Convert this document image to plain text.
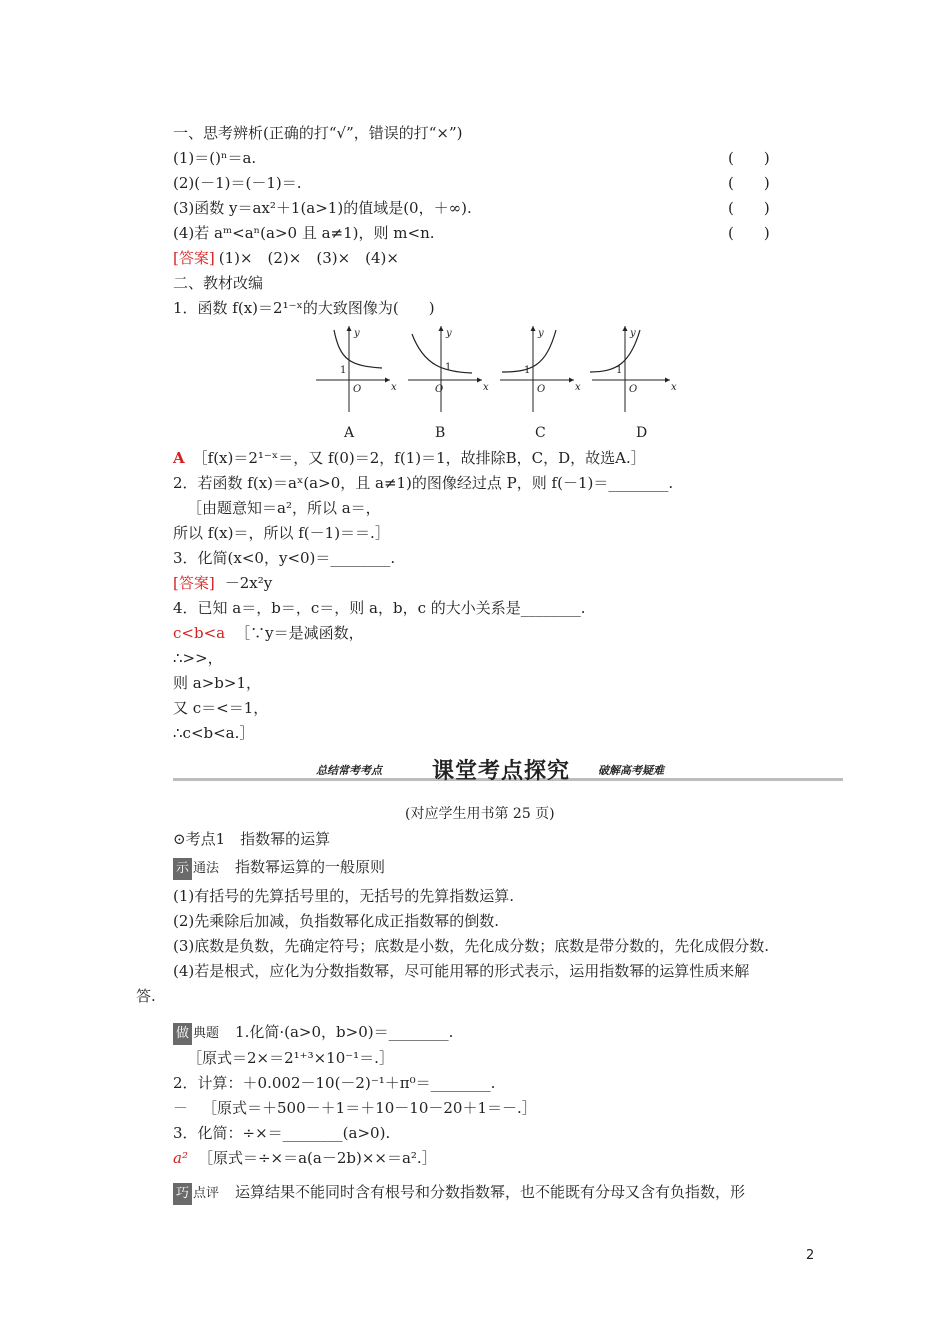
一、思考辨析(正确的打“√”，错误的打“×”)
(1)＝()ⁿ＝a.	(　　)
(2)(－1)＝(－1)＝.	(　　)
(3)函数 y＝ax²＋1(a>1)的值域是(0，＋∞).	(　　)
(4)若 aᵐ<aⁿ(a>0 且 a≠1)，则 m<n.	(　　)
[答案] (1)×　(2)×　(3)×　(4)×
二、教材改编
1．函数 f(x)＝2¹⁻ˣ的大致图像为(　　)
y
x
O
1
y
x
O
1
y
x
O
1
y
x
O
1
A	B	C	D
A ［f(x)＝2¹⁻ˣ＝，又 f(0)＝2，f(1)＝1，故排除B，C，D，故选A.］
2．若函数 f(x)＝aˣ(a>0，且 a≠1)的图像经过点 P，则 f(－1)＝________.
［由题意知＝a²，所以 a＝，
所以 f(x)＝，所以 f(－1)＝＝.］
3．化简(x<0，y<0)＝________.
[答案] －2x²y
4．已知 a＝，b＝，c＝，则 a，b，c 的大小关系是________.
c<b<a ［∵y＝是减函数，
∴>>，
则 a>b>1，
又 c＝<＝1，
∴c<b<a.］
总结常考考点 课堂考点探究	破解高考疑难
(对应学生用书第 25 页)
⊙考点1　指数幂的运算
示 通法 指数幂运算的一般原则
(1)有括号的先算括号里的，无括号的先算指数运算.
(2)先乘除后加减，负指数幂化成正指数幂的倒数.
(3)底数是负数，先确定符号；底数是小数，先化成分数；底数是带分数的，先化成假分数.
(4)若是根式，应化为分数指数幂，尽可能用幂的形式表示，运用指数幂的运算性质来解
答.
做 典题 1.化简·(a>0，b>0)＝________.
［原式＝2×＝2¹⁺³×10⁻¹＝.］
2．计算：＋0.002－10(－2)⁻¹＋π⁰＝________.
－ ［原式＝＋500－＋1＝＋10－10－20＋1＝－.］
3．化简：÷×＝________(a>0).
a² ［原式＝÷×＝a(a－2b)××＝a².］
巧 点评 运算结果不能同时含有根号和分数指数幂，也不能既有分母又含有负指数，形
2
